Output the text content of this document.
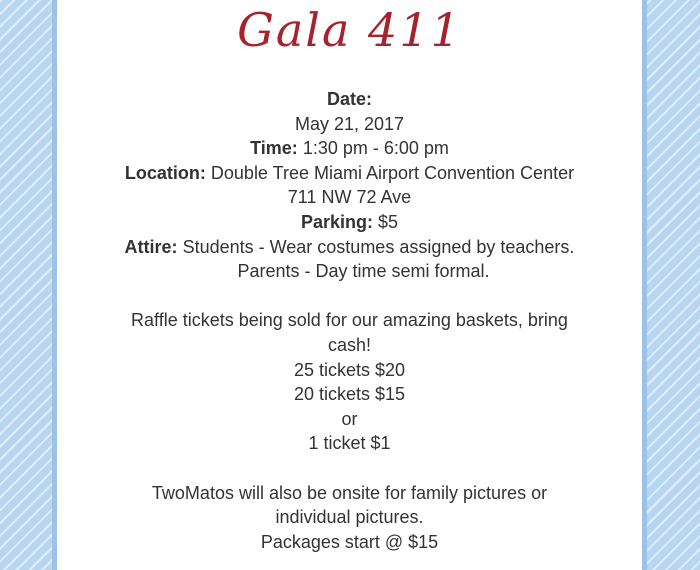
Gala 411
Date:
May 21, 2017
Time: 1:30 pm - 6:00 pm
Location: Double Tree Miami Airport Convention Center
711 NW 72 Ave
Parking: $5
Attire: Students - Wear costumes assigned by teachers.
Parents - Day time semi formal.
Raffle tickets being sold for our amazing baskets, bring
cash!
25 tickets $20
20 tickets $15
or
1 ticket $1
TwoMatos will also be onsite for family pictures or
individual pictures.
Packages start @ $15
